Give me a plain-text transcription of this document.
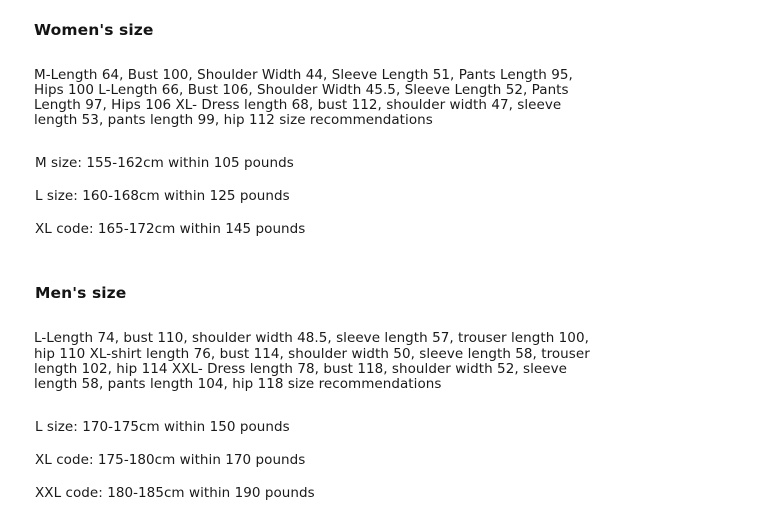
Women's size

M-Length 64, Bust 100, Shoulder Width 44, Sleeve Length 51, Pants Length 95, Hips 100 L-Length 66, Bust 106, Shoulder Width 45.5, Sleeve Length 52, Pants Length 97, Hips 106 XL- Dress length 68, bust 112, shoulder width 47, sleeve length 53, pants length 99, hip 112 size recommendations

M size: 155-162cm within 105 pounds

L size: 160-168cm within 125 pounds

XL code: 165-172cm within 145 pounds

Men's size

L-Length 74, bust 110, shoulder width 48.5, sleeve length 57, trouser length 100, hip 110 XL-shirt length 76, bust 114, shoulder width 50, sleeve length 58, trouser length 102, hip 114 XXL- Dress length 78, bust 118, shoulder width 52, sleeve length 58, pants length 104, hip 118 size recommendations

L size: 170-175cm within 150 pounds

XL code: 175-180cm within 170 pounds

XXL code: 180-185cm within 190 pounds
